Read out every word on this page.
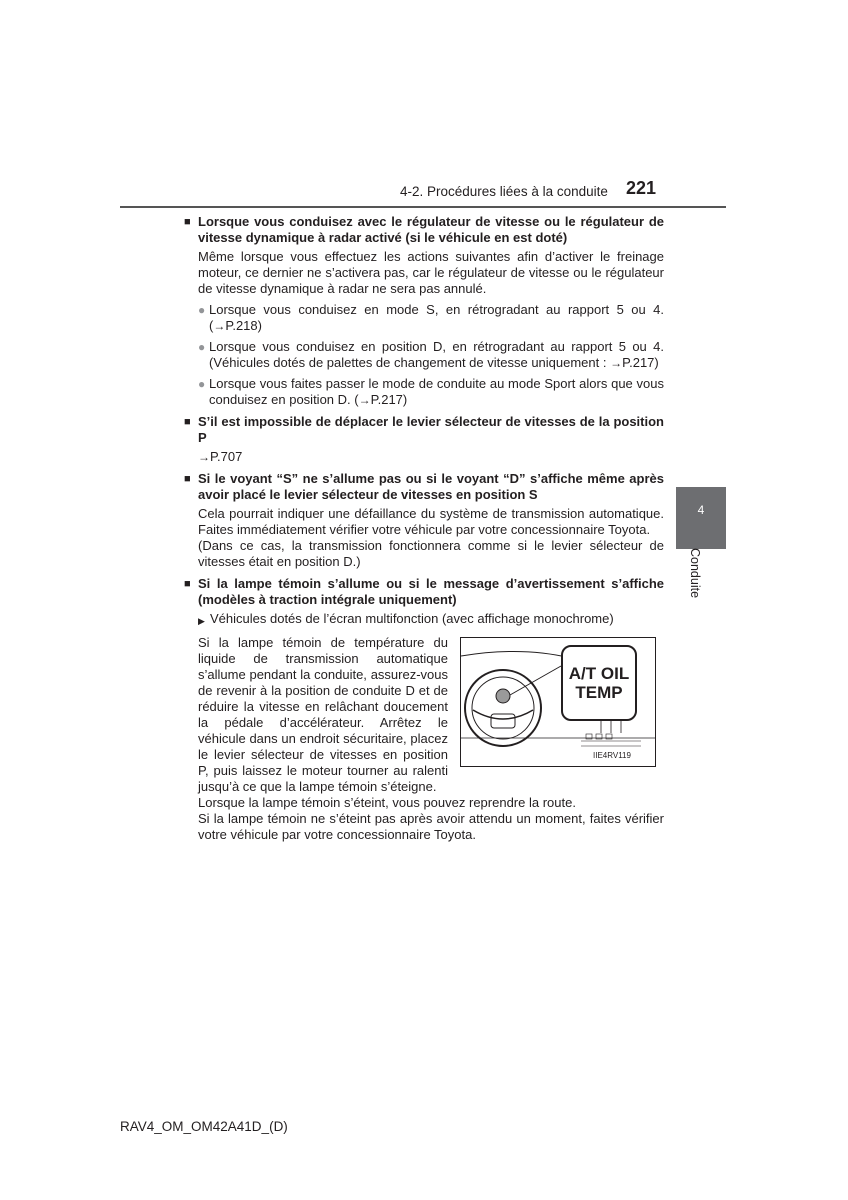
4-2. Procédures liées à la conduite 221
4
Conduite
■ Lorsque vous conduisez avec le régulateur de vitesse ou le régulateur de vitesse dynamique à radar activé (si le véhicule en est doté)
Même lorsque vous effectuez les actions suivantes afin d’activer le freinage moteur, ce dernier ne s’activera pas, car le régulateur de vitesse ou le régulateur de vitesse dynamique à radar ne sera pas annulé.
● Lorsque vous conduisez en mode S, en rétrogradant au rapport 5 ou 4. (→P.218)
● Lorsque vous conduisez en position D, en rétrogradant au rapport 5 ou 4. (Véhicules dotés de palettes de changement de vitesse uniquement : →P.217)
● Lorsque vous faites passer le mode de conduite au mode Sport alors que vous conduisez en position D. (→P.217)
■ S’il est impossible de déplacer le levier sélecteur de vitesses de la position P
→P.707
■ Si le voyant “S” ne s’allume pas ou si le voyant “D” s’affiche même après avoir placé le levier sélecteur de vitesses en position S

Cela pourrait indiquer une défaillance du système de transmission automatique. Faites immédiatement vérifier votre véhicule par votre concessionnaire Toyota.

(Dans ce cas, la transmission fonctionnera comme si le levier sélecteur de vitesses était en position D.)

■ Si la lampe témoin s’allume ou si le message d’avertissement s’affiche (modèles à traction intégrale uniquement)
▶ Véhicules dotés de l’écran multifonction (avec affichage monochrome)
Si la lampe témoin de température du liquide de transmission automatique s’allume pendant la conduite, assurez-vous de revenir à la position de conduite D et de réduire la vitesse en relâchant doucement la pédale d’accélérateur. Arrêtez le véhicule dans un endroit sécuritaire, placez le levier sélecteur de vitesses en position P, puis laissez le moteur tourner au ralenti jusqu’à ce que la lampe témoin s’éteigne.
A/T OIL TEMP
IIE4RV119

Lorsque la lampe témoin s’éteint, vous pouvez reprendre la route.

Si la lampe témoin ne s’éteint pas après avoir attendu un moment, faites vérifier votre véhicule par votre concessionnaire Toyota.

RAV4_OM_OM42A41D_(D)
